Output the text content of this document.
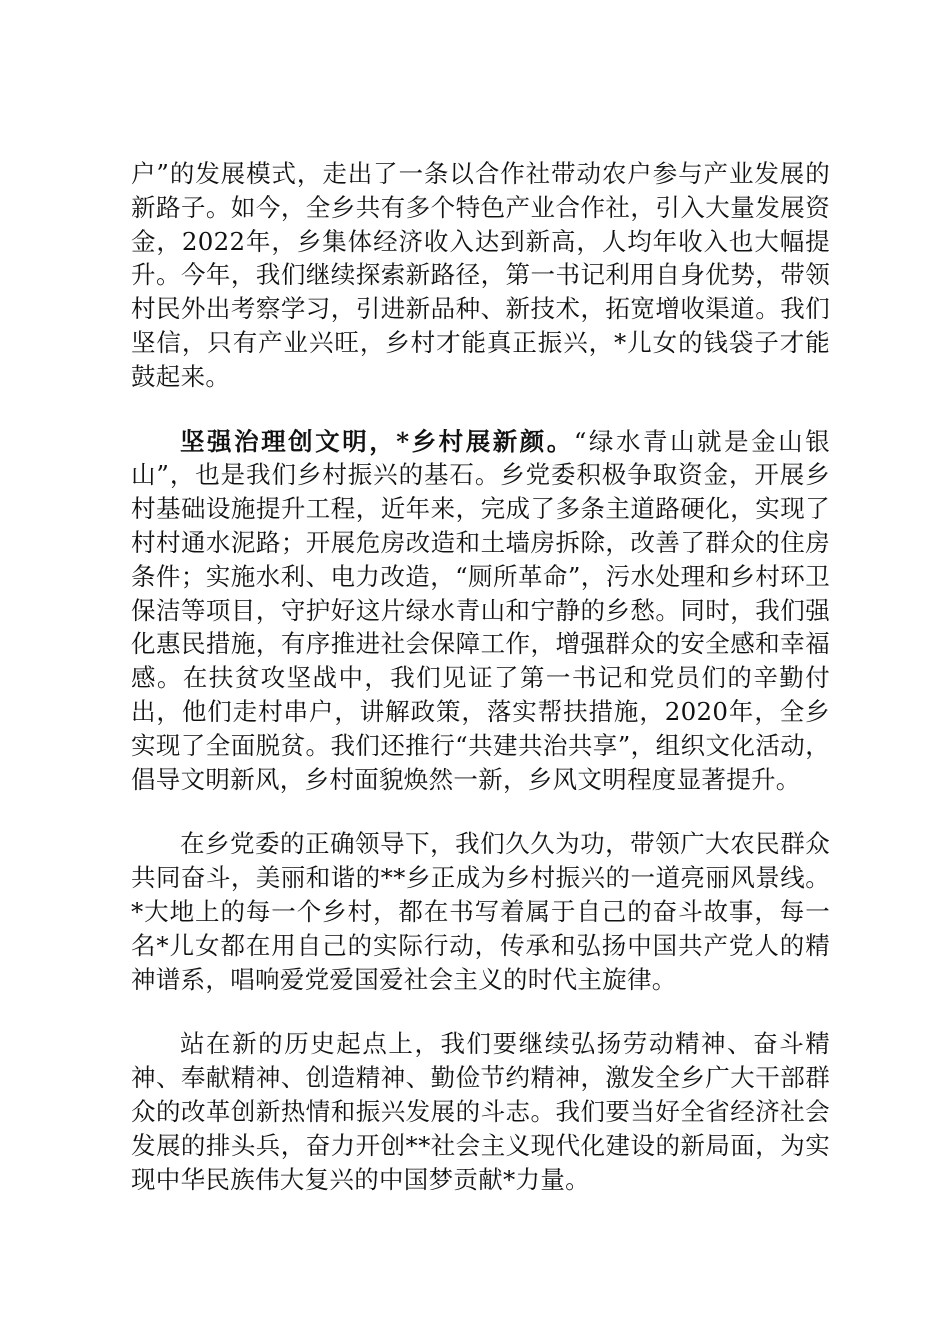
户”的发展模式，走出了一条以合作社带动农户参与产业发展的新路子。如今，全乡共有多个特色产业合作社，引入大量发展资金，2022年，乡集体经济收入达到新高，人均年收入也大幅提升。今年，我们继续探索新路径，第一书记利用自身优势，带领村民外出考察学习，引进新品种、新技术，拓宽增收渠道。我们坚信，只有产业兴旺，乡村才能真正振兴，*儿女的钱袋子才能鼓起来。

坚强治理创文明，*乡村展新颜。“绿水青山就是金山银山”，也是我们乡村振兴的基石。乡党委积极争取资金，开展乡村基础设施提升工程，近年来，完成了多条主道路硬化，实现了村村通水泥路；开展危房改造和土墙房拆除，改善了群众的住房条件；实施水利、电力改造，“厕所革命”，污水处理和乡村环卫保洁等项目，守护好这片绿水青山和宁静的乡愁。同时，我们强化惠民措施，有序推进社会保障工作，增强群众的安全感和幸福感。在扶贫攻坚战中，我们见证了第一书记和党员们的辛勤付出，他们走村串户，讲解政策，落实帮扶措施，2020年，全乡实现了全面脱贫。我们还推行“共建共治共享”，组织文化活动，倡导文明新风，乡村面貌焕然一新，乡风文明程度显著提升。

在乡党委的正确领导下，我们久久为功，带领广大农民群众共同奋斗，美丽和谐的**乡正成为乡村振兴的一道亮丽风景线。*大地上的每一个乡村，都在书写着属于自己的奋斗故事，每一名*儿女都在用自己的实际行动，传承和弘扬中国共产党人的精神谱系，唱响爱党爱国爱社会主义的时代主旋律。

站在新的历史起点上，我们要继续弘扬劳动精神、奋斗精神、奉献精神、创造精神、勤俭节约精神，激发全乡广大干部群众的改革创新热情和振兴发展的斗志。我们要当好全省经济社会发展的排头兵，奋力开创**社会主义现代化建设的新局面，为实现中华民族伟大复兴的中国梦贡献*力量。
